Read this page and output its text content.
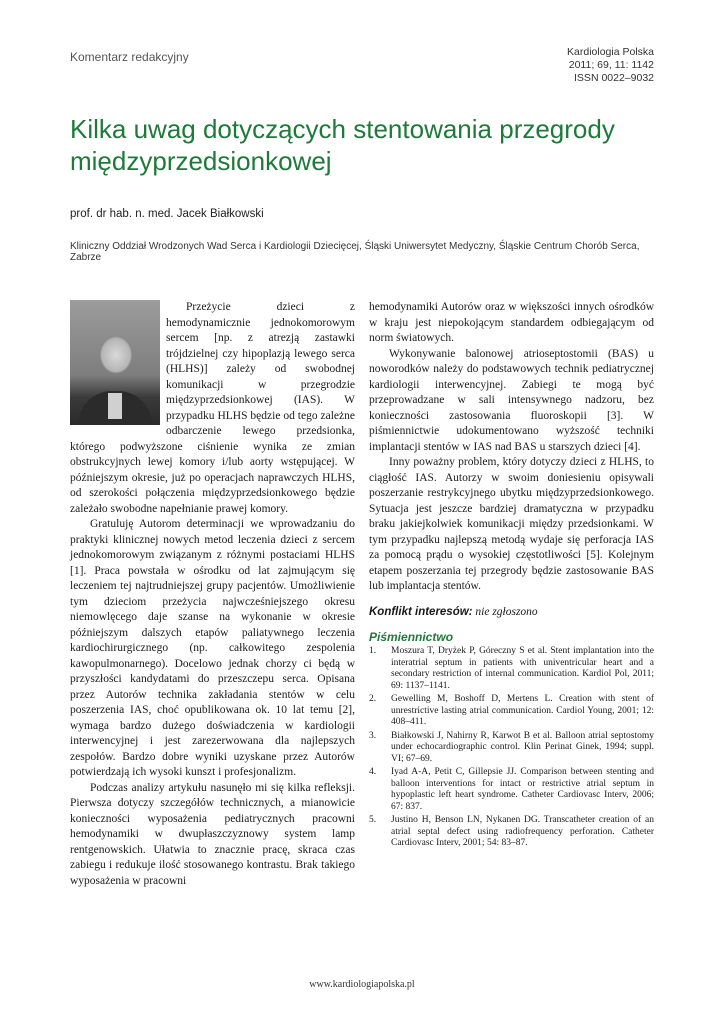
Komentarz redakcyjny	Kardiologia Polska
2011; 69, 11: 1142
ISSN 0022–9032
Kilka uwag dotyczących stentowania przegrody międzyprzedsionkowej
prof. dr hab. n. med. Jacek Białkowski
Kliniczny Oddział Wrodzonych Wad Serca i Kardiologii Dziecięcej, Śląski Uniwersytet Medyczny, Śląskie Centrum Chorób Serca, Zabrze

Przeżycie dzieci z hemodynamicznie jednokomorowym sercem [np. z atrezją zastawki trójdzielnej czy hipoplazją lewego serca (HLHS)] zależy od swobodnej komunikacji w przegrodzie międzyprzedsionkowej (IAS). W przypadku HLHS będzie od tego zależne odbarczenie lewego przedsionka, którego podwyższone ciśnienie wynika ze zmian obstrukcyjnych lewej komory i/lub aorty wstępującej. W późniejszym okresie, już po operacjach naprawczych HLHS, od szerokości połączenia międzyprzedsionkowego będzie zależało swobodne napełnianie prawej komory.

Gratuluję Autorom determinacji we wprowadzaniu do praktyki klinicznej nowych metod leczenia dzieci z sercem jednokomorowym związanym z różnymi postaciami HLHS [1]. Praca powstała w ośrodku od lat zajmującym się leczeniem tej najtrudniejszej grupy pacjentów. Umożliwienie tym dzieciom przeżycia najwcześniejszego okresu niemowlęcego daje szanse na wykonanie w okresie późniejszym dalszych etapów paliatywnego leczenia kardiochirurgicznego (np. całkowitego zespolenia kawopulmonarnego). Docelowo jednak chorzy ci będą w przyszłości kandydatami do przeszczepu serca. Opisana przez Autorów technika zakładania stentów w celu poszerzenia IAS, choć opublikowana ok. 10 lat temu [2], wymaga bardzo dużego doświadczenia w kardiologii interwencyjnej i jest zarezerwowana dla najlepszych zespołów. Bardzo dobre wyniki uzyskane przez Autorów potwierdzają ich wysoki kunszt i profesjonalizm.

Podczas analizy artykułu nasunęło mi się kilka refleksji. Pierwsza dotyczy szczegółów technicznych, a mianowicie konieczności wyposażenia pediatrycznych pracowni hemodynamiki w dwupłaszczyznowy system lamp rentgenowskich. Ułatwia to znacznie pracę, skraca czas zabiegu i redukuje ilość stosowanego kontrastu. Brak takiego wyposażenia w pracowni

hemodynamiki Autorów oraz w większości innych ośrodków w kraju jest niepokojącym standardem odbiegającym od norm światowych.

Wykonywanie balonowej atrioseptostomii (BAS) u noworodków należy do podstawowych technik pediatrycznej kardiologii interwencyjnej. Zabiegi te mogą być przeprowadzane w sali intensywnego nadzoru, bez konieczności zastosowania fluoroskopii [3]. W piśmiennictwie udokumentowano wyższość techniki implantacji stentów w IAS nad BAS u starszych dzieci [4].

Inny poważny problem, który dotyczy dzieci z HLHS, to ciągłość IAS. Autorzy w swoim doniesieniu opisywali poszerzanie restrykcyjnego ubytku międzyprzedsionkowego. Sytuacja jest jeszcze bardziej dramatyczna w przypadku braku jakiejkolwiek komunikacji między przedsionkami. W tym przypadku najlepszą metodą wydaje się perforacja IAS za pomocą prądu o wysokiej częstotliwości [5]. Kolejnym etapem poszerzania tej przegrody będzie zastosowanie BAS lub implantacja stentów.

Konflikt interesów: nie zgłoszono

Piśmiennictwo
1.	Moszura T, Dryżek P, Góreczny S et al. Stent implantation into the interatrial septum in patients with univentricular heart and a secondary restriction of internal communication. Kardiol Pol, 2011; 69: 1137–1141.
2.	Gewelling M, Boshoff D, Mertens L. Creation with stent of unrestrictive lasting atrial communication. Cardiol Young, 2001; 12: 408–411.
3.	Białkowski J, Nahirny R, Karwot B et al. Balloon atrial septostomy under echocardiographic control. Klin Perinat Ginek, 1994; suppl. VI; 67–69.
4.	Iyad A-A, Petit C, Gillepsie JJ. Comparison between stenting and balloon interventions for intact or restrictive atrial septum in hypoplastic left heart syndrome. Catheter Cardiovasc Interv, 2006; 67: 837.
5.	Justino H, Benson LN, Nykanen DG. Transcatheter creation of an atrial septal defect using radiofrequency perforation. Catheter Cardiovasc Interv, 2001; 54: 83–87.
www.kardiologiapolska.pl
